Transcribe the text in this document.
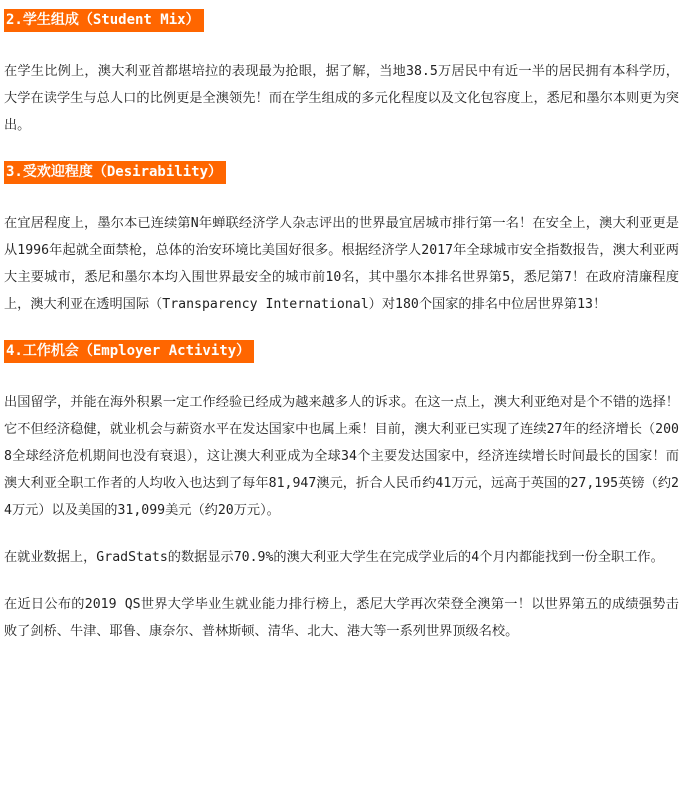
2.学生组成（Student Mix）

在学生比例上，澳大利亚首都堪培拉的表现最为抢眼，据了解，当地38.5万居民中有近一半的居民拥有本科学历，大学在读学生与总人口的比例更是全澳领先！而在学生组成的多元化程度以及文化包容度上，悉尼和墨尔本则更为突出。

3.受欢迎程度（Desirability）

在宜居程度上，墨尔本已连续第N年蝉联经济学人杂志评出的世界最宜居城市排行第一名！在安全上，澳大利亚更是从1996年起就全面禁枪，总体的治安环境比美国好很多。根据经济学人2017年全球城市安全指数报告，澳大利亚两大主要城市，悉尼和墨尔本均入围世界最安全的城市前10名，其中墨尔本排名世界第5，悉尼第7！在政府清廉程度上，澳大利亚在透明国际（Transparency International）对180个国家的排名中位居世界第13！

4.工作机会（Employer Activity）

出国留学，并能在海外积累一定工作经验已经成为越来越多人的诉求。在这一点上，澳大利亚绝对是个不错的选择！它不但经济稳健，就业机会与薪资水平在发达国家中也属上乘！目前，澳大利亚已实现了连续27年的经济增长（2008全球经济危机期间也没有衰退），这让澳大利亚成为全球34个主要发达国家中，经济连续增长时间最长的国家！而澳大利亚全职工作者的人均收入也达到了每年81,947澳元，折合人民币约41万元，远高于英国的27,195英镑（约24万元）以及美国的31,099美元（约20万元）。

在就业数据上，GradStats的数据显示70.9%的澳大利亚大学生在完成学业后的4个月内都能找到一份全职工作。

在近日公布的2019 QS世界大学毕业生就业能力排行榜上，悉尼大学再次荣登全澳第一！以世界第五的成绩强势击败了剑桥、牛津、耶鲁、康奈尔、普林斯顿、清华、北大、港大等一系列世界顶级名校。
